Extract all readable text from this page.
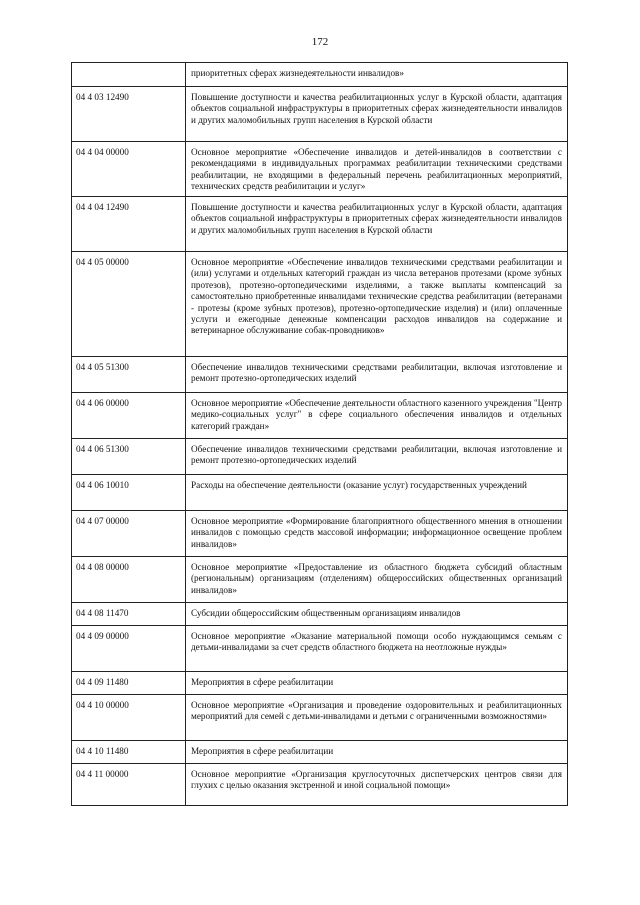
172
	приоритетных сферах жизнедеятельности инвалидов»
04 4 03 12490	Повышение доступности и качества реабилитационных услуг в Курской области, адаптация объектов социальной инфраструктуры в приоритетных сферах жизнедеятельности инвалидов и других маломобильных групп населения в Курской области
04 4 04 00000	Основное мероприятие «Обеспечение инвалидов и детей-инвалидов в соответствии с рекомендациями в индивидуальных программах реабилитации техническими средствами реабилитации, не входящими в федеральный перечень реабилитационных мероприятий, технических средств реабилитации и услуг»
04 4 04 12490	Повышение доступности и качества реабилитационных услуг в Курской области, адаптация объектов социальной инфраструктуры в приоритетных сферах жизнедеятельности инвалидов и других маломобильных групп населения в Курской области
04 4 05 00000	Основное мероприятие «Обеспечение инвалидов техническими средствами реабилитации и (или) услугами и отдельных категорий граждан из числа ветеранов протезами (кроме зубных протезов), протезно-ортопедическими изделиями, а также выплаты компенсаций за самостоятельно приобретенные инвалидами технические средства реабилитации (ветеранами - протезы (кроме зубных протезов), протезно-ортопедические изделия) и (или) оплаченные услуги и ежегодные денежные компенсации расходов инвалидов на содержание и ветеринарное обслуживание собак-проводников»
04 4 05 51300	Обеспечение инвалидов техническими средствами реабилитации, включая изготовление и ремонт протезно-ортопедических изделий
04 4 06 00000	Основное мероприятие «Обеспечение деятельности областного казенного учреждения "Центр медико-социальных услуг" в сфере социального обеспечения инвалидов и отдельных категорий граждан»
04 4 06 51300	Обеспечение инвалидов техническими средствами реабилитации, включая изготовление и ремонт протезно-ортопедических изделий
04 4 06 10010	Расходы на обеспечение деятельности (оказание услуг) государственных учреждений
04 4 07 00000	Основное мероприятие «Формирование благоприятного общественного мнения в отношении инвалидов с помощью средств массовой информации; информационное освещение проблем инвалидов»
04 4 08 00000	Основное мероприятие «Предоставление из областного бюджета субсидий областным (региональным) организациям (отделениям) общероссийских общественных организаций инвалидов»
04 4 08 11470	Субсидии общероссийским общественным организациям инвалидов
04 4 09 00000	Основное мероприятие «Оказание материальной помощи особо нуждающимся семьям с детьми-инвалидами за счет средств областного бюджета на неотложные нужды»
04 4 09 11480	Мероприятия в сфере реабилитации
04 4 10 00000	Основное мероприятие «Организация и проведение оздоровительных и реабилитационных мероприятий для семей с детьми-инвалидами и детьми с ограниченными возможностями»
04 4 10 11480	Мероприятия в сфере реабилитации
04 4 11 00000	Основное мероприятие «Организация круглосуточных диспетчерских центров связи для глухих с целью оказания экстренной и иной социальной помощи»
